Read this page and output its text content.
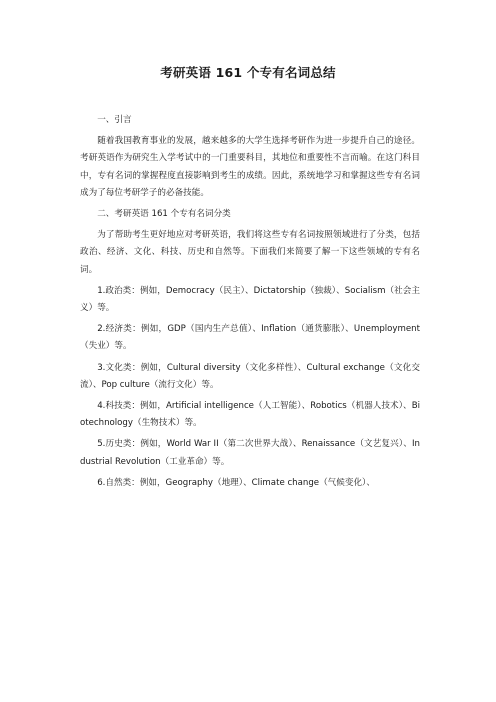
考研英语 161 个专有名词总结

一、引言

随着我国教育事业的发展，越来越多的大学生选择考研作为进一步提升自己的途径。考研英语作为研究生入学考试中的一门重要科目，其地位和重要性不言而喻。在这门科目中，专有名词的掌握程度直接影响到考生的成绩。因此，系统地学习和掌握这些专有名词成为了每位考研学子的必备技能。

二、考研英语 161 个专有名词分类

为了帮助考生更好地应对考研英语，我们将这些专有名词按照领域进行了分类，包括政治、经济、文化、科技、历史和自然等。下面我们来简要了解一下这些领域的专有名词。

1.政治类：例如，Democracy（民主）、Dictatorship（独裁）、Socialism（社会主义）等。

2.经济类：例如，GDP（国内生产总值）、Inflation（通货膨胀）、Unemployment（失业）等。

3.文化类：例如，Cultural diversity（文化多样性）、Cultural exchange（文化交流）、Pop culture（流行文化）等。

4.科技类：例如，Artificial intelligence（人工智能）、Robotics（机器人技术）、Biotechnology（生物技术）等。

5.历史类：例如，World War II（第二次世界大战）、Renaissance（文艺复兴）、Industrial Revolution（工业革命）等。

6.自然类：例如，Geography（地理）、Climate change（气候变化）、
